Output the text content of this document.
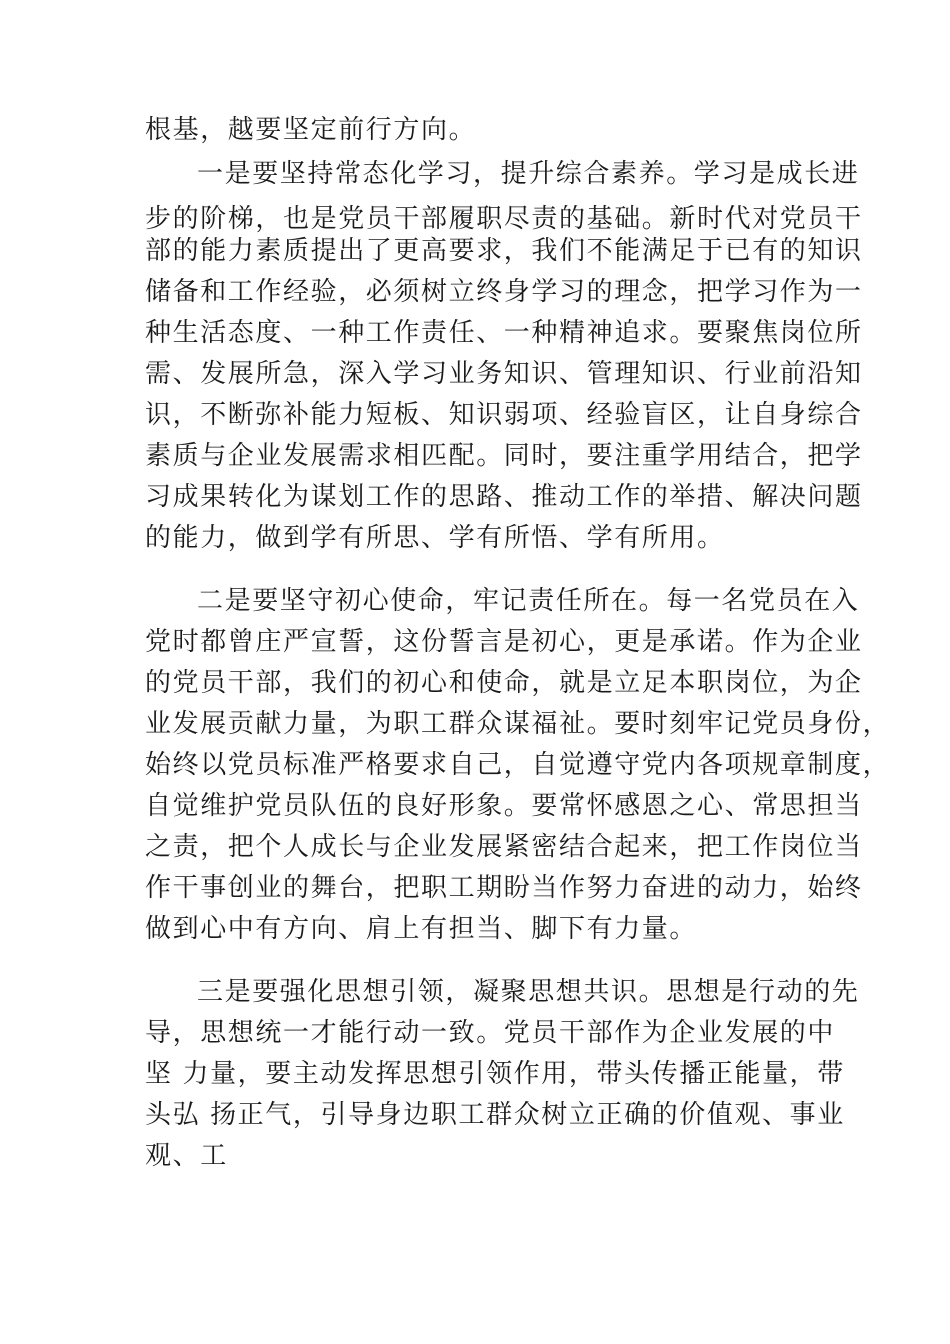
根基，越要坚定前行方向。
一是要坚持常态化学习，提升综合素养。学习是成长进
步的阶梯，也是党员干部履职尽责的基础。新时代对党员干
部的能力素质提出了更高要求，我们不能满足于已有的知识
储备和工作经验，必须树立终身学习的理念，把学习作为一
种生活态度、一种工作责任、一种精神追求。要聚焦岗位所
需、发展所急，深入学习业务知识、管理知识、行业前沿知
识，不断弥补能力短板、知识弱项、经验盲区，让自身综合
素质与企业发展需求相匹配。同时，要注重学用结合，把学
习成果转化为谋划工作的思路、推动工作的举措、解决问题
的能力，做到学有所思、学有所悟、学有所用。
二是要坚守初心使命，牢记责任所在。每一名党员在入
党时都曾庄严宣誓，这份誓言是初心，更是承诺。作为企业
的党员干部，我们的初心和使命，就是立足本职岗位，为企
业发展贡献力量，为职工群众谋福祉。要时刻牢记党员身份，
始终以党员标准严格要求自己，自觉遵守党内各项规章制度，
自觉维护党员队伍的良好形象。要常怀感恩之心、常思担当
之责，把个人成长与企业发展紧密结合起来，把工作岗位当
作干事创业的舞台，把职工期盼当作努力奋进的动力，始终
做到心中有方向、肩上有担当、脚下有力量。
三是要强化思想引领，凝聚思想共识。思想是行动的先
导，思想统一才能行动一致。党员干部作为企业发展的中
坚 力量，要主动发挥思想引领作用，带头传播正能量，带
头弘 扬正气，引导身边职工群众树立正确的价值观、事业
观、工
